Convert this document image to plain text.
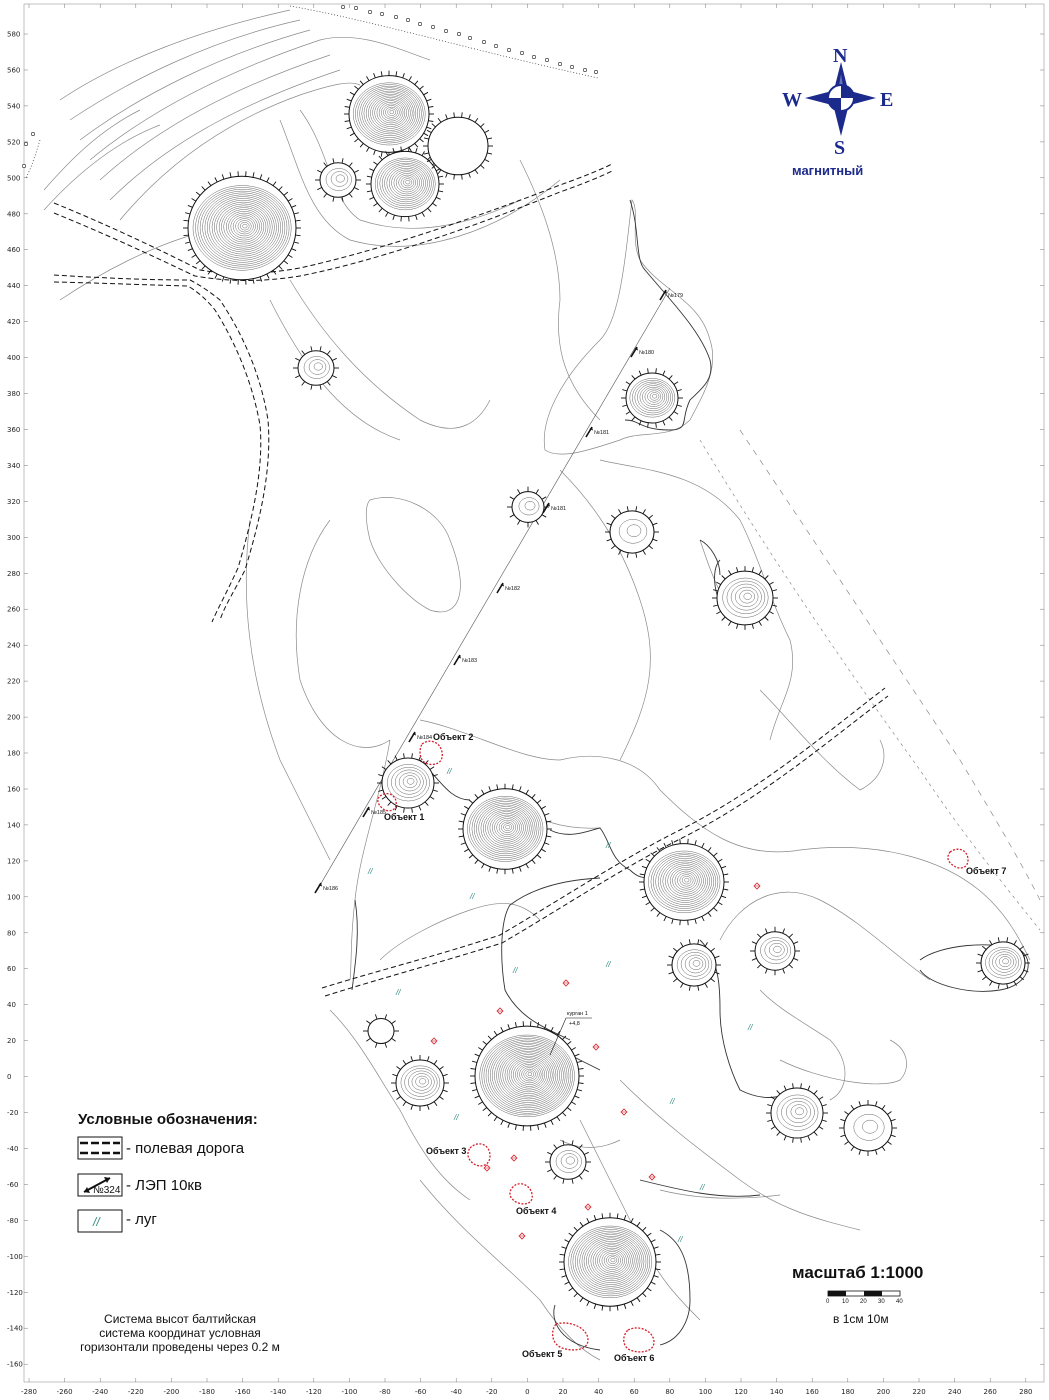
580
560
540
520
500
480
460
440
420
400
380
360
340
320
300
280
260
240
220
200
180
160
140
120
100
80
60
40
20
0
-20
-40
-60
-80
-100
-120
-140
-160
-280	-260	-240	-220	-200	-180	-160	-140	-120	-100	-80	-60	-40	-20	0	20	40	60	80	100	120	140	160	180	200	220	240	260	280
№179
№180
№181
№181
№182
№183
№184
№185
№186
Объект 1
Объект 2
Объект 3
Объект 4
Объект 5	Объект 6
Объект 7
курган 1
+4,8
//
//
//
//
//
//
//
//
//
//
//
//
N
S
W	E
магнитный
Условные обозначения:
- полевая дорога
№324 - ЛЭП 10кв
// - луг
масштаб 1:1000
0 10 20 30 40
в 1см 10м
Система высот балтийская
система координат условная
горизонтали проведены через 0.2 м
